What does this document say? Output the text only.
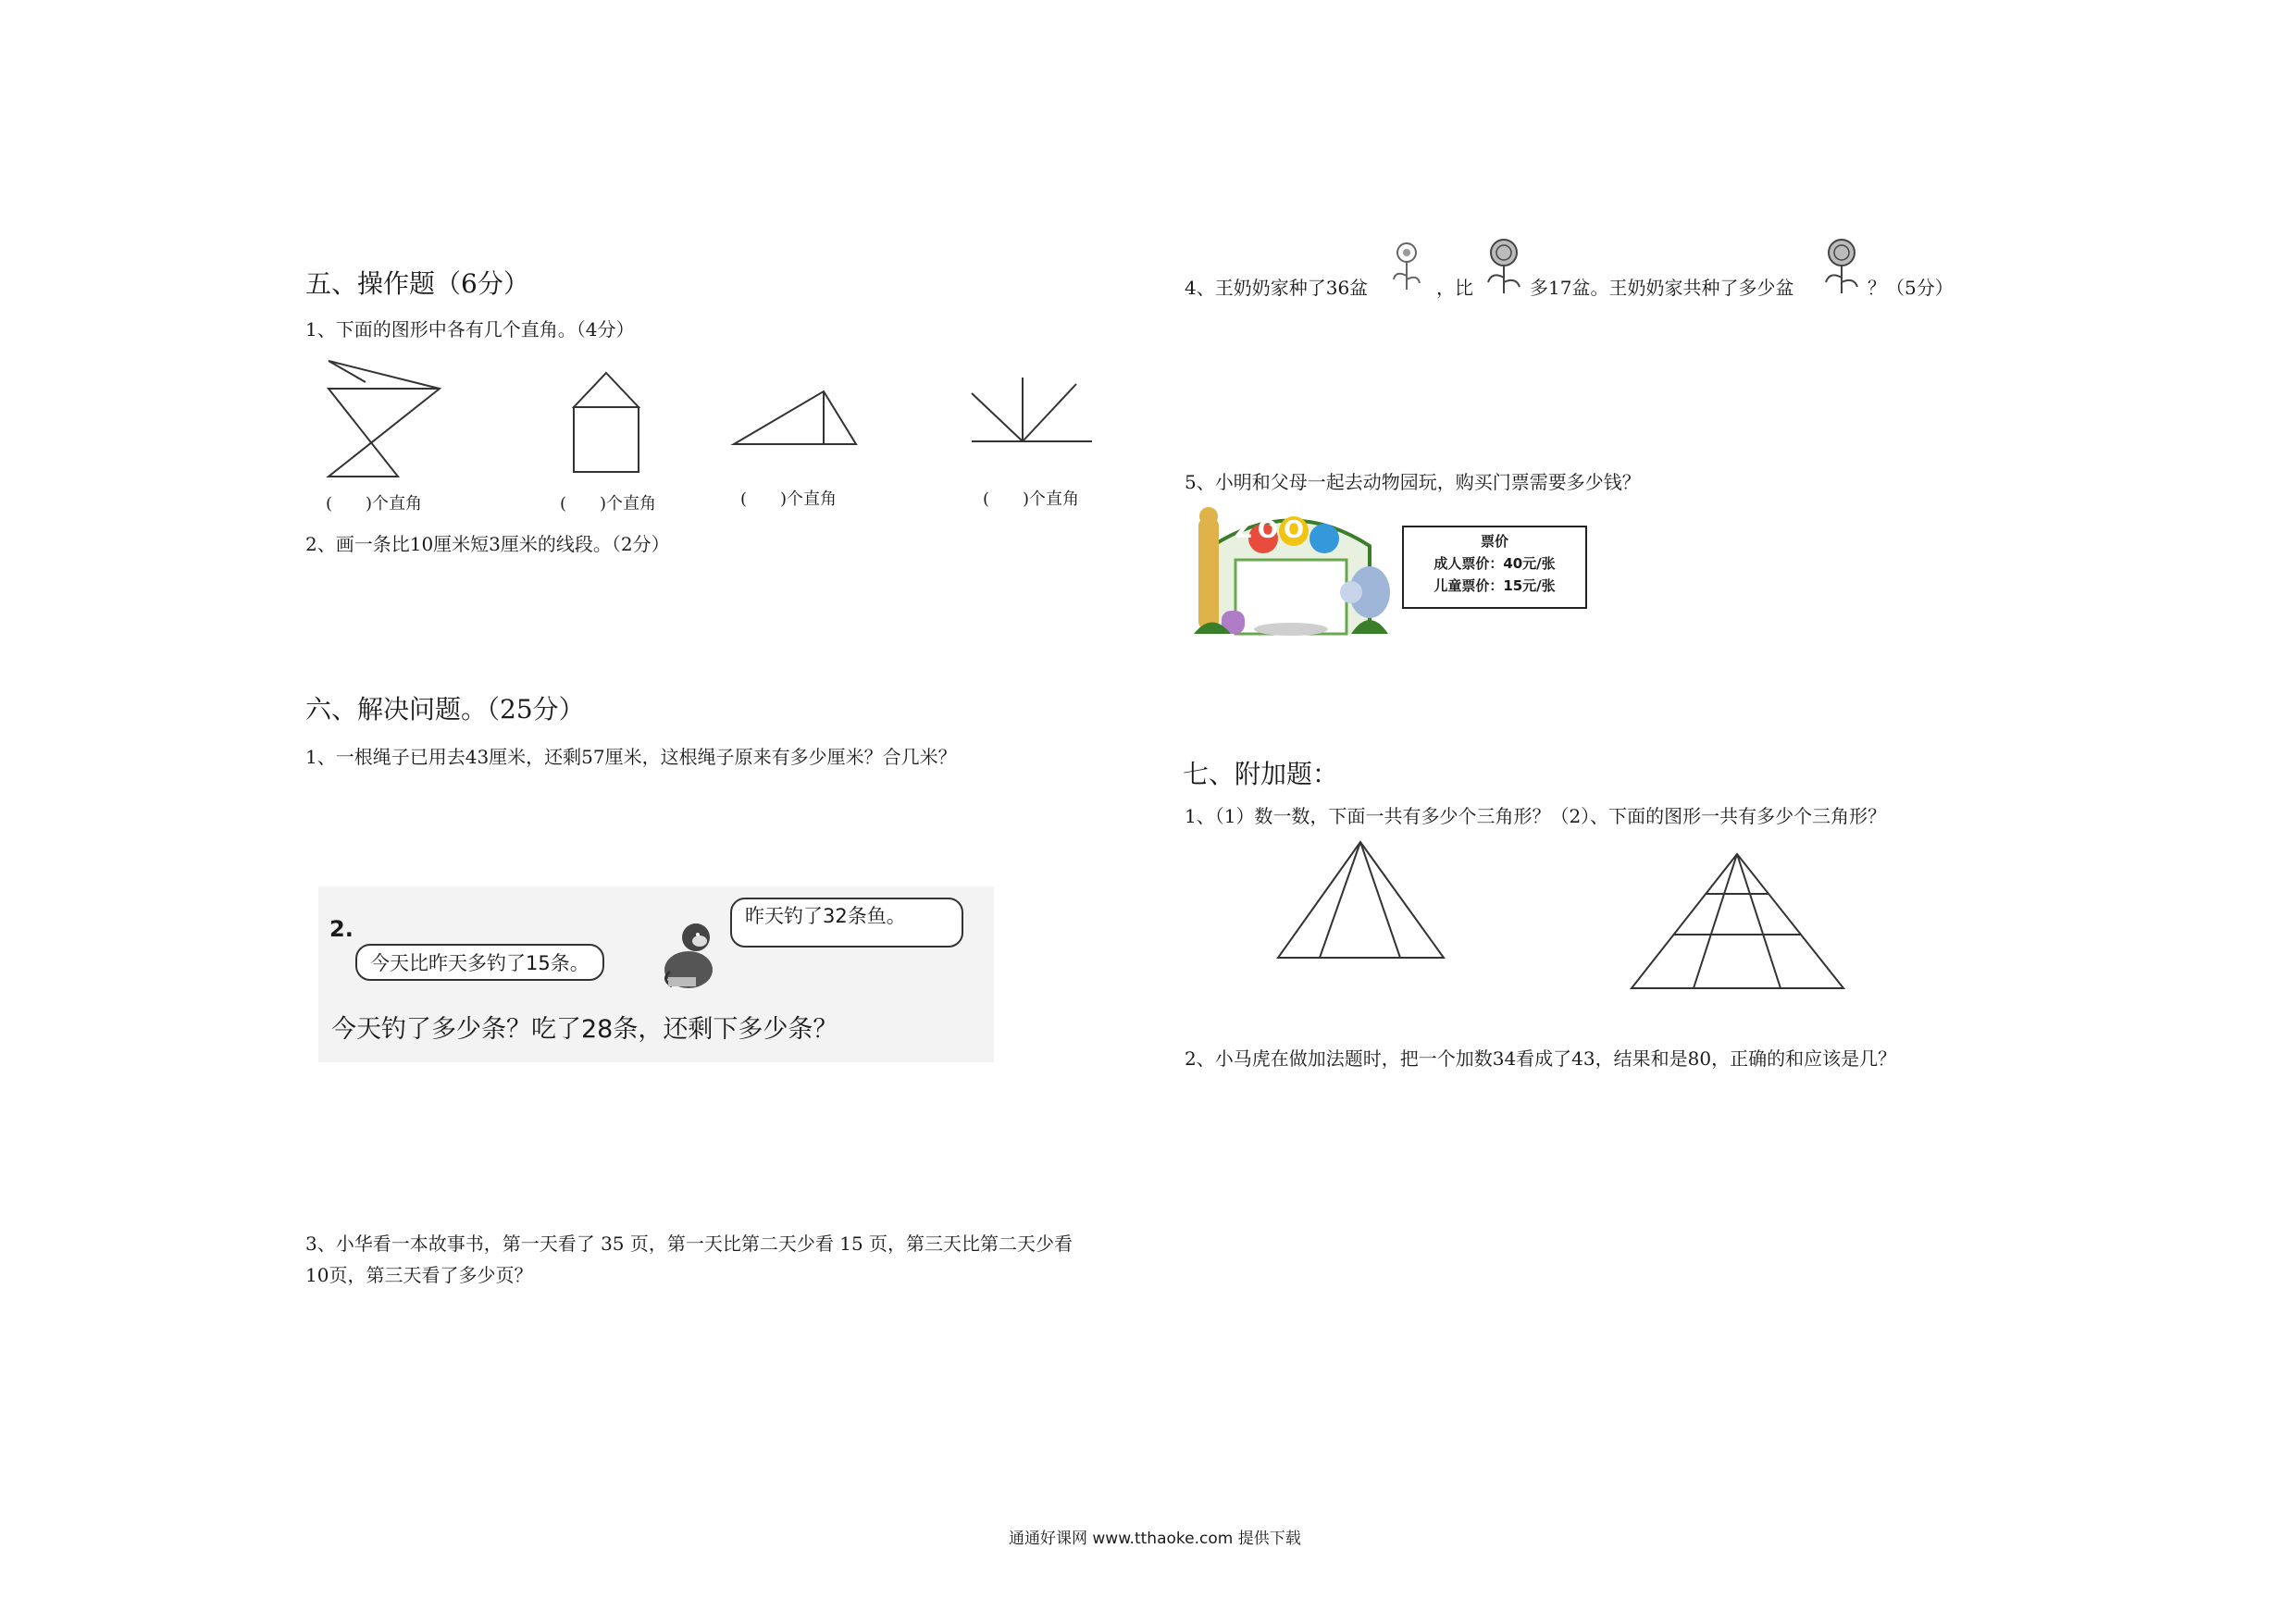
五、操作题（6分）
1、下面的图形中各有几个直角。（4分）
(　　)个直角	(　　)个直角	(　　)个直角	(　　)个直角
2、画一条比10厘米短3厘米的线段。（2分）
六、解决问题。（25分）
1、一根绳子已用去43厘米，还剩57厘米，这根绳子原来有多少厘米？合几米？
2.
今天比昨天多钓了15条。
昨天钓了32条鱼。
今天钓了多少条？吃了28条，还剩下多少条？
3、小华看一本故事书，第一天看了 35 页，第一天比第二天少看 15 页，第三天比第二天少看
10页，第三天看了多少页？
4、王奶奶家种了36盆	，比	多17盆。王奶奶家共种了多少盆	？（5分）
5、小明和父母一起去动物园玩，购买门票需要多少钱？
ZOO	票价
成人票价：40元/张
儿童票价：15元/张
七、附加题：
1、（1）数一数，下面一共有多少个三角形？（2）、下面的图形一共有多少个三角形？
2、小马虎在做加法题时，把一个加数34看成了43，结果和是80，正确的和应该是几？
通通好课网 www.tthaoke.com 提供下载
